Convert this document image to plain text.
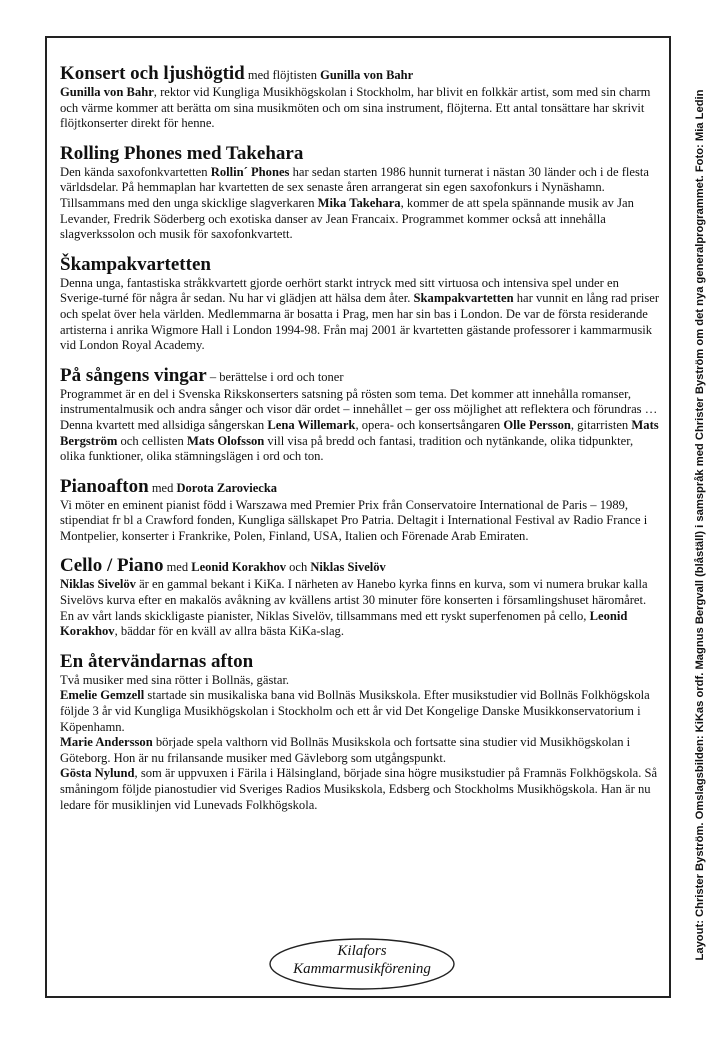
Konsert och ljushögtid med flöjtisten Gunilla von Bahr

Gunilla von Bahr, rektor vid Kungliga Musikhögskolan i Stockholm, har blivit en folkkär artist, som med sin charm och värme kommer att berätta om sina musikmöten och om sina instrument, flöjterna. Ett antal tonsättare har skrivit flöjtkonserter direkt för henne.

Rolling Phones med Takehara

Den kända saxofonkvartetten Rollin´ Phones har sedan starten 1986 hunnit turnerat i nästan 30 länder och i de flesta världsdelar. På hemmaplan har kvartetten de sex senaste åren arrangerat sin egen saxofonkurs i Nynäshamn. Tillsammans med den unga skicklige slagverkaren Mika Takehara, kommer de att spela spännande musik av Jan Levander, Fredrik Söderberg och exotiska danser av Jean Francaix. Programmet kommer också att innehålla slagverkssolon och musik för saxofonkvartett.

Škampakvartetten

Denna unga, fantastiska stråkkvartett gjorde oerhört starkt intryck med sitt virtuosa och intensiva spel under en Sverige-turné för några år sedan. Nu har vi glädjen att hälsa dem åter. Skampakvartetten har vunnit en lång rad priser och spelat över hela världen. Medlemmarna är bosatta i Prag, men har sin bas i London. De var de första residerande artisterna i anrika Wigmore Hall i London 1994-98. Från maj 2001 är kvartetten gästande professorer i kammarmusik vid London Royal Academy.

På sångens vingar – berättelse i ord och toner

Programmet är en del i Svenska Rikskonserters satsning på rösten som tema. Det kommer att innehålla romanser, instrumentalmusik och andra sånger och visor där ordet – innehållet – ger oss möjlighet att reflektera och förundras … Denna kvartett med allsidiga sångerskan Lena Willemark, opera- och konsertsångaren Olle Persson, gitarristen Mats Bergström och cellisten Mats Olofsson vill visa på bredd och fantasi, tradition och nytänkande, olika tidpunkter, olika funktioner, olika stämningslägen i ord och ton.

Pianoafton med Dorota Zaroviecka

Vi möter en eminent pianist född i Warszawa med Premier Prix från Conservatoire International de Paris – 1989, stipendiat fr bl a Crawford fonden, Kungliga sällskapet Pro Patria. Deltagit i International Festival av Radio France i Montpelier, konserter i Frankrike, Polen, Finland, USA, Italien och Förenade Arab Emiraten.

Cello / Piano med Leonid Korakhov och Niklas Sivelöv

Niklas Sivelöv är en gammal bekant i KiKa. I närheten av Hanebo kyrka finns en kurva, som vi numera brukar kalla Sivelövs kurva efter en makalös avåkning av kvällens artist 30 minuter före konserten i församlingshuset häromåret. En av vårt lands skickligaste pianister, Niklas Sivelöv, tillsammans med ett ryskt superfenomen på cello, Leonid Korakhov, bäddar för en kväll av allra bästa KiKa-slag.

En återvändarnas afton

Två musiker med sina rötter i Bollnäs, gästar.

Emelie Gemzell startade sin musikaliska bana vid Bollnäs Musikskola. Efter musikstudier vid Bollnäs Folkhögskola följde 3 år vid Kungliga Musikhögskolan i Stockholm och ett år vid Det Kongelige Danske Musikkonservatorium i Köpenhamn.

Marie Andersson började spela valthorn vid Bollnäs Musikskola och fortsatte sina studier vid Musikhögskolan i Göteborg. Hon är nu frilansande musiker med Gävleborg som utgångspunkt.

Gösta Nylund, som är uppvuxen i Färila i Hälsingland, började sina högre musikstudier på Framnäs Folkhögskola. Så småningom följde pianostudier vid Sveriges Radios Musikskola, Edsberg och Stockholms Musikhögskola. Han är nu ledare för musiklinjen vid Lunevads Folkhögskola.

Kilafors
Kammarmusikförening
Layout: Christer Byström. Omslagsbilden: KiKas ordf. Magnus Bergvall (blåställ) i samspråk med Christer Byström om det nya generalprogrammet. Foto: Mia Ledin
